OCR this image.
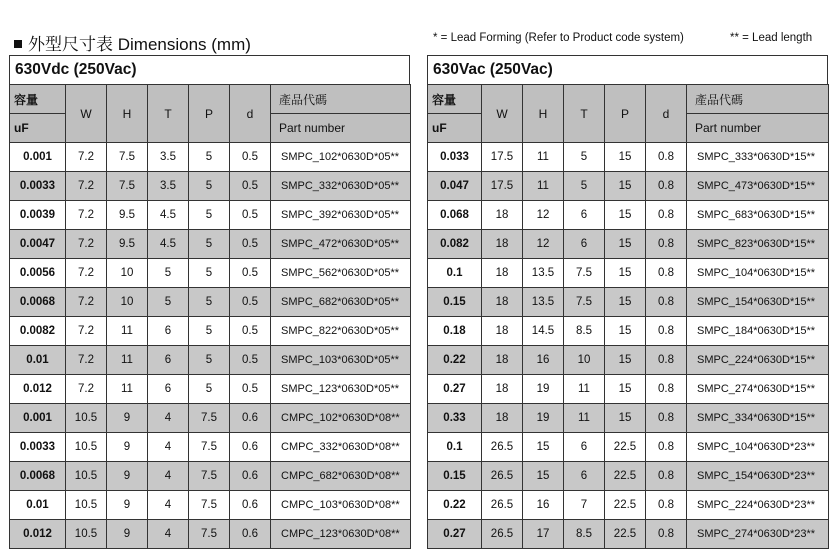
外型尺寸表 Dimensions (mm)	* = Lead Forming (Refer to Product code system)	** = Lead length
630Vdc (250Vac)
容量	W	H	T	P	d	產品代碼
uF						Part number
0.001	7.2	7.5	3.5	5	0.5	SMPC_102*0630D*05**
0.0033	7.2	7.5	3.5	5	0.5	SMPC_332*0630D*05**
0.0039	7.2	9.5	4.5	5	0.5	SMPC_392*0630D*05**
0.0047	7.2	9.5	4.5	5	0.5	SMPC_472*0630D*05**
0.0056	7.2	10	5	5	0.5	SMPC_562*0630D*05**
0.0068	7.2	10	5	5	0.5	SMPC_682*0630D*05**
0.0082	7.2	11	6	5	0.5	SMPC_822*0630D*05**
0.01	7.2	11	6	5	0.5	SMPC_103*0630D*05**
0.012	7.2	11	6	5	0.5	SMPC_123*0630D*05**
0.001	10.5	9	4	7.5	0.6	CMPC_102*0630D*08**
0.0033	10.5	9	4	7.5	0.6	CMPC_332*0630D*08**
0.0068	10.5	9	4	7.5	0.6	CMPC_682*0630D*08**
0.01	10.5	9	4	7.5	0.6	CMPC_103*0630D*08**
0.012	10.5	9	4	7.5	0.6	CMPC_123*0630D*08**
630Vac (250Vac)
容量	W	H	T	P	d	產品代碼
uF						Part number
0.033	17.5	11	5	15	0.8	SMPC_333*0630D*15**
0.047	17.5	11	5	15	0.8	SMPC_473*0630D*15**
0.068	18	12	6	15	0.8	SMPC_683*0630D*15**
0.082	18	12	6	15	0.8	SMPC_823*0630D*15**
0.1	18	13.5	7.5	15	0.8	SMPC_104*0630D*15**
0.15	18	13.5	7.5	15	0.8	SMPC_154*0630D*15**
0.18	18	14.5	8.5	15	0.8	SMPC_184*0630D*15**
0.22	18	16	10	15	0.8	SMPC_224*0630D*15**
0.27	18	19	11	15	0.8	SMPC_274*0630D*15**
0.33	18	19	11	15	0.8	SMPC_334*0630D*15**
0.1	26.5	15	6	22.5	0.8	SMPC_104*0630D*23**
0.15	26.5	15	6	22.5	0.8	SMPC_154*0630D*23**
0.22	26.5	16	7	22.5	0.8	SMPC_224*0630D*23**
0.27	26.5	17	8.5	22.5	0.8	SMPC_274*0630D*23**
